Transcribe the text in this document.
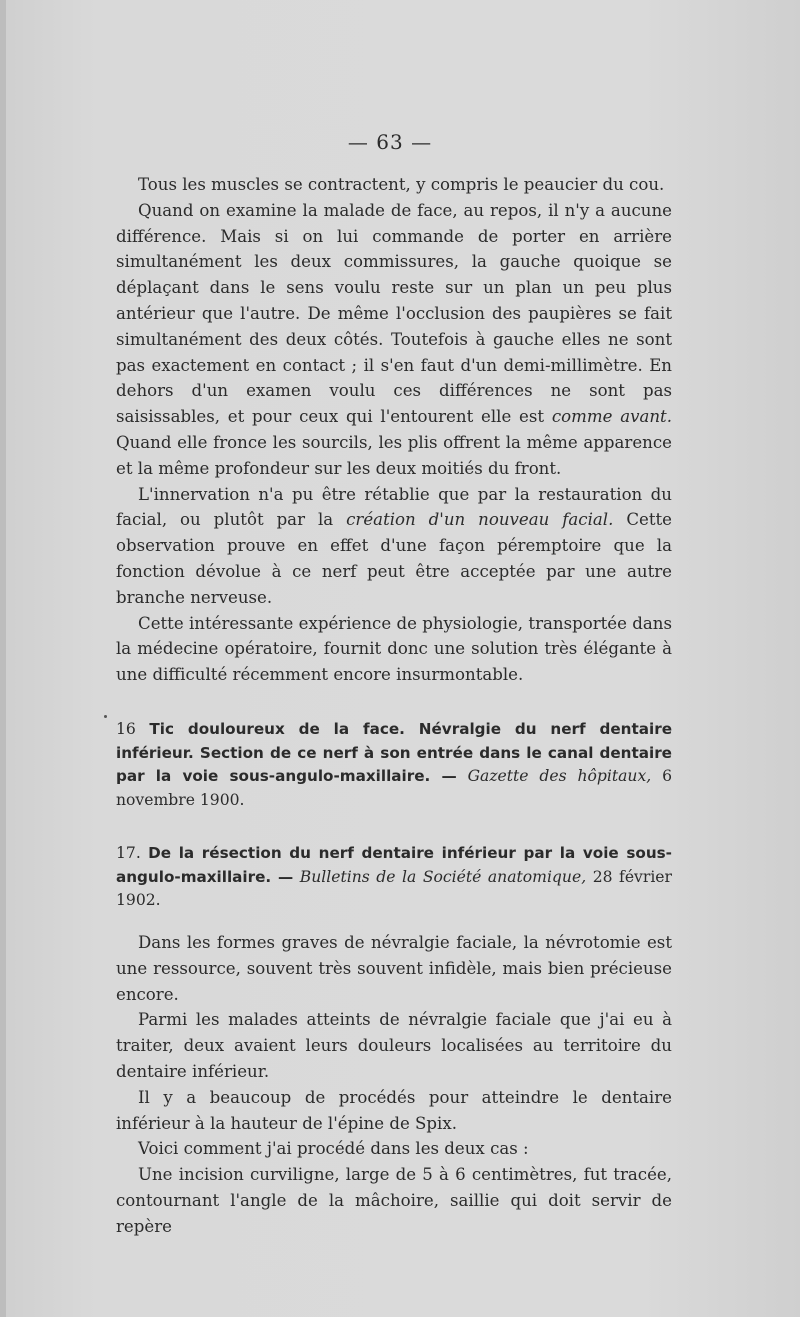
— 63 —

Tous les muscles se contractent, y compris le peaucier du cou.

Quand on examine la malade de face, au repos, il n'y a aucune différence. Mais si on lui commande de porter en arrière simultanément les deux commissures, la gauche quoique se déplaçant dans le sens voulu reste sur un plan un peu plus antérieur que l'autre. De même l'occlusion des paupières se fait simultanément des deux côtés. Toutefois à gauche elles ne sont pas exactement en contact ; il s'en faut d'un demi-millimètre. En dehors d'un examen voulu ces différences ne sont pas saisissables, et pour ceux qui l'entourent elle est comme avant. Quand elle fronce les sourcils, les plis offrent la même apparence et la même profondeur sur les deux moitiés du front.

L'innervation n'a pu être rétablie que par la restauration du facial, ou plutôt par la création d'un nouveau facial. Cette observation prouve en effet d'une façon péremptoire que la fonction dévolue à ce nerf peut être acceptée par une autre branche nerveuse.

Cette intéressante expérience de physiologie, transportée dans la médecine opératoire, fournit donc une solution très élégante à une difficulté récemment encore insurmontable.

16 Tic douloureux de la face. Névralgie du nerf dentaire inférieur. Section de ce nerf à son entrée dans le canal dentaire par la voie sous-angulo-maxillaire. — Gazette des hôpitaux, 6 novembre 1900.
17. De la résection du nerf dentaire inférieur par la voie sous-angulo-maxillaire. — Bulletins de la Société anatomique, 28 février 1902.

Dans les formes graves de névralgie faciale, la névrotomie est une ressource, souvent très souvent infidèle, mais bien précieuse encore.

Parmi les malades atteints de névralgie faciale que j'ai eu à traiter, deux avaient leurs douleurs localisées au territoire du dentaire inférieur.

Il y a beaucoup de procédés pour atteindre le dentaire inférieur à la hauteur de l'épine de Spix.

Voici comment j'ai procédé dans les deux cas :

Une incision curviligne, large de 5 à 6 centimètres, fut tracée, contournant l'angle de la mâchoire, saillie qui doit servir de repère
